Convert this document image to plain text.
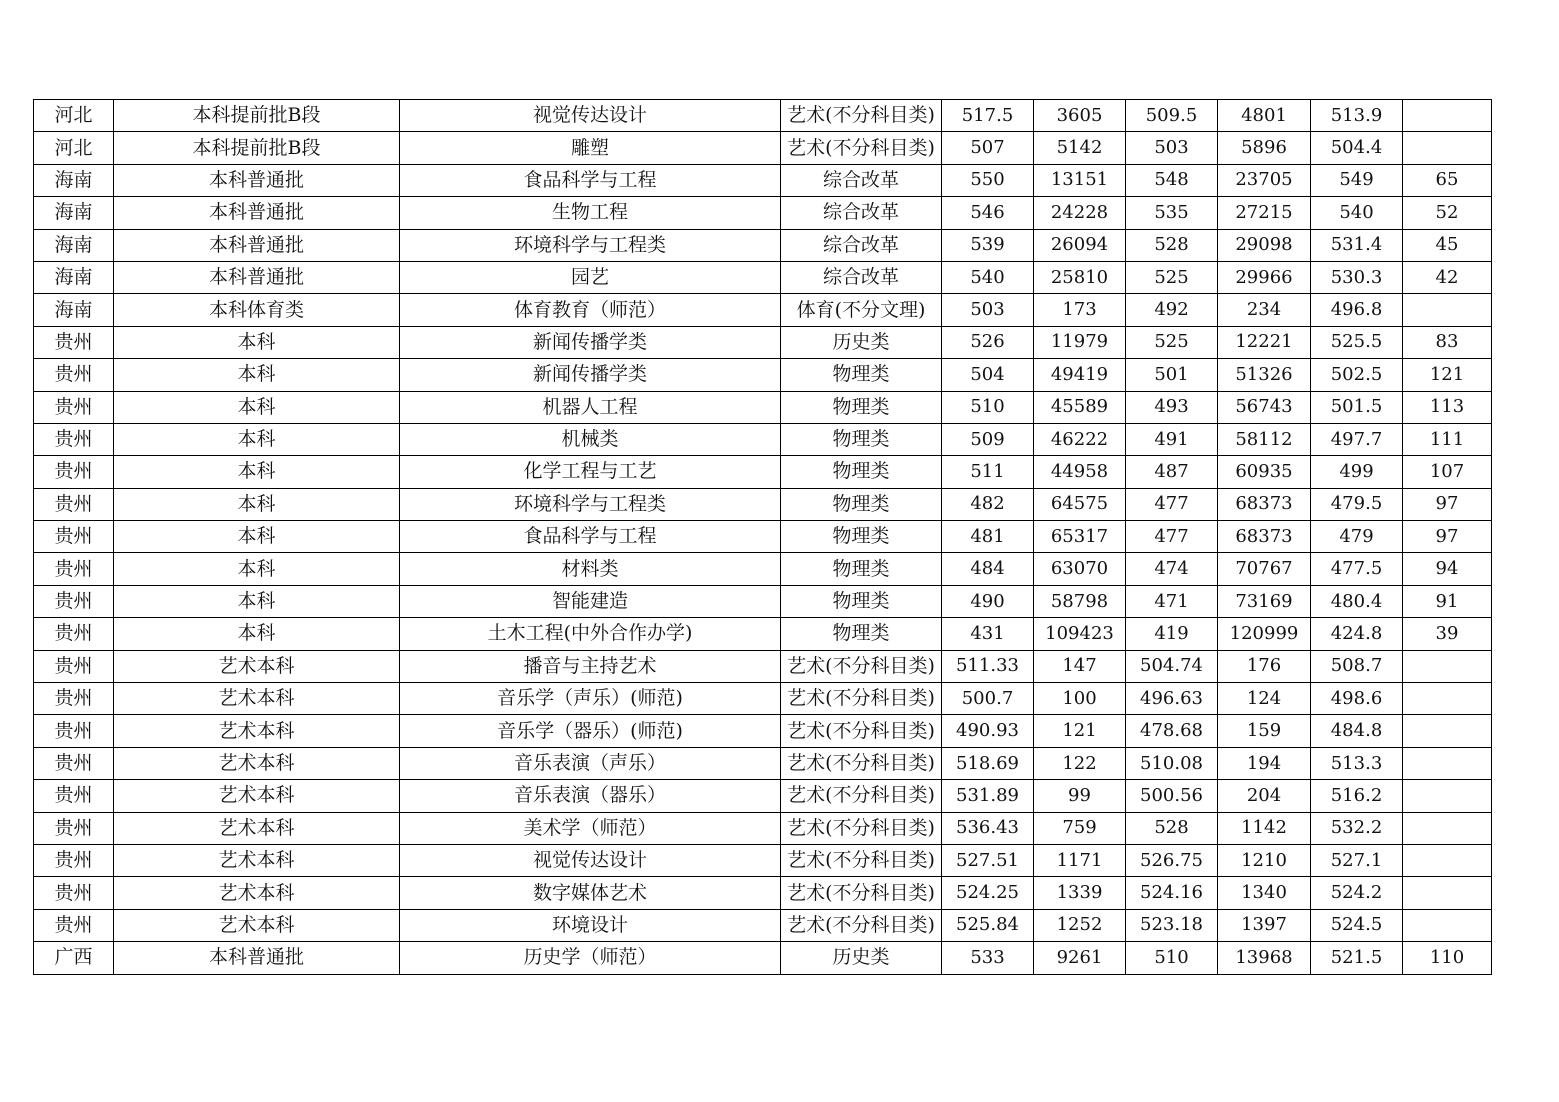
河北	本科提前批B段	视觉传达设计	艺术(不分科目类)	517.5	3605	509.5	4801	513.9	
河北	本科提前批B段	雕塑	艺术(不分科目类)	507	5142	503	5896	504.4	
海南	本科普通批	食品科学与工程	综合改革	550	13151	548	23705	549	65
海南	本科普通批	生物工程	综合改革	546	24228	535	27215	540	52
海南	本科普通批	环境科学与工程类	综合改革	539	26094	528	29098	531.4	45
海南	本科普通批	园艺	综合改革	540	25810	525	29966	530.3	42
海南	本科体育类	体育教育（师范）	体育(不分文理)	503	173	492	234	496.8	
贵州	本科	新闻传播学类	历史类	526	11979	525	12221	525.5	83
贵州	本科	新闻传播学类	物理类	504	49419	501	51326	502.5	121
贵州	本科	机器人工程	物理类	510	45589	493	56743	501.5	113
贵州	本科	机械类	物理类	509	46222	491	58112	497.7	111
贵州	本科	化学工程与工艺	物理类	511	44958	487	60935	499	107
贵州	本科	环境科学与工程类	物理类	482	64575	477	68373	479.5	97
贵州	本科	食品科学与工程	物理类	481	65317	477	68373	479	97
贵州	本科	材料类	物理类	484	63070	474	70767	477.5	94
贵州	本科	智能建造	物理类	490	58798	471	73169	480.4	91
贵州	本科	土木工程(中外合作办学)	物理类	431	109423	419	120999	424.8	39
贵州	艺术本科	播音与主持艺术	艺术(不分科目类)	511.33	147	504.74	176	508.7	
贵州	艺术本科	音乐学（声乐）(师范)	艺术(不分科目类)	500.7	100	496.63	124	498.6	
贵州	艺术本科	音乐学（器乐）(师范)	艺术(不分科目类)	490.93	121	478.68	159	484.8	
贵州	艺术本科	音乐表演（声乐）	艺术(不分科目类)	518.69	122	510.08	194	513.3	
贵州	艺术本科	音乐表演（器乐）	艺术(不分科目类)	531.89	99	500.56	204	516.2	
贵州	艺术本科	美术学（师范）	艺术(不分科目类)	536.43	759	528	1142	532.2	
贵州	艺术本科	视觉传达设计	艺术(不分科目类)	527.51	1171	526.75	1210	527.1	
贵州	艺术本科	数字媒体艺术	艺术(不分科目类)	524.25	1339	524.16	1340	524.2	
贵州	艺术本科	环境设计	艺术(不分科目类)	525.84	1252	523.18	1397	524.5	
广西	本科普通批	历史学（师范）	历史类	533	9261	510	13968	521.5	110
